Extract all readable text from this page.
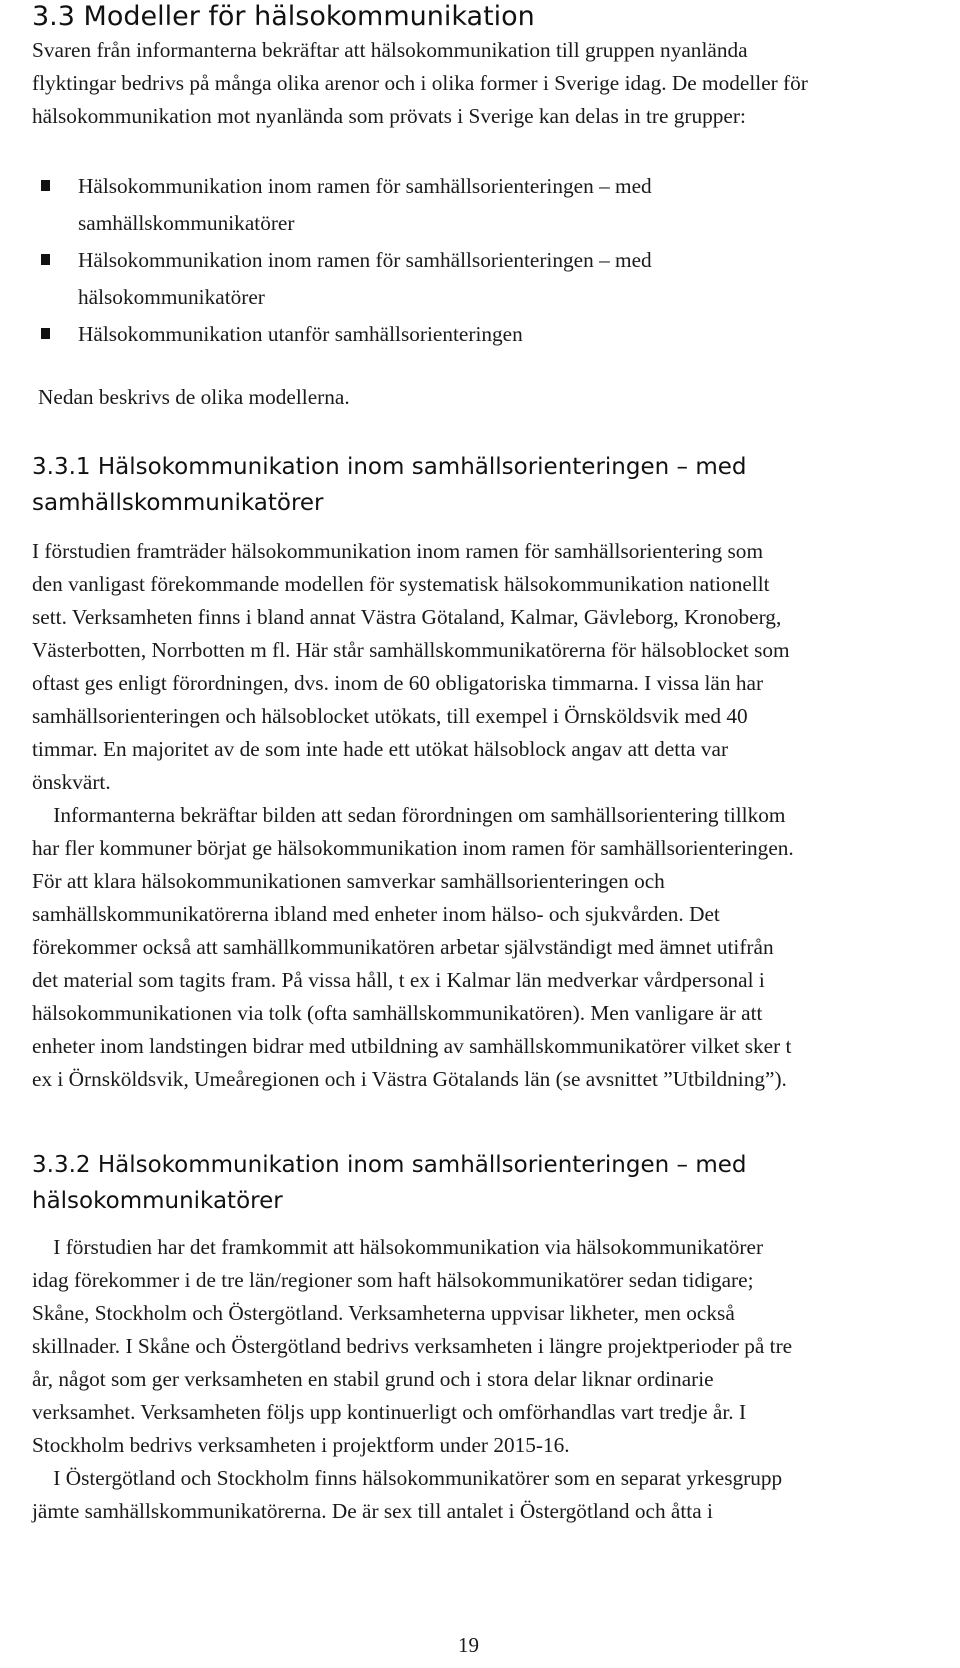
3.3 Modeller för hälsokommunikation
Svaren från informanterna bekräftar att hälsokommunikation till gruppen nyanlända
flyktingar bedrivs på många olika arenor och i olika former i Sverige idag. De modeller för
hälsokommunikation mot nyanlända som prövats i Sverige kan delas in tre grupper:
Hälsokommunikation inom ramen för samhällsorienteringen – med
samhällskommunikatörer
Hälsokommunikation inom ramen för samhällsorienteringen – med
hälsokommunikatörer
Hälsokommunikation utanför samhällsorienteringen
Nedan beskrivs de olika modellerna.
3.3.1 Hälsokommunikation inom samhällsorienteringen – med
samhällskommunikatörer
I förstudien framträder hälsokommunikation inom ramen för samhällsorientering som
den vanligast förekommande modellen för systematisk hälsokommunikation nationellt
sett. Verksamheten finns i bland annat Västra Götaland, Kalmar, Gävleborg, Kronoberg,
Västerbotten, Norrbotten m fl. Här står samhällskommunikatörerna för hälsoblocket som
oftast ges enligt förordningen, dvs. inom de 60 obligatoriska timmarna. I vissa län har
samhällsorienteringen och hälsoblocket utökats, till exempel i Örnsköldsvik med 40
timmar. En majoritet av de som inte hade ett utökat hälsoblock angav att detta var
önskvärt.
Informanterna bekräftar bilden att sedan förordningen om samhällsorientering tillkom
har fler kommuner börjat ge hälsokommunikation inom ramen för samhällsorienteringen.
För att klara hälsokommunikationen samverkar samhällsorienteringen och
samhällskommunikatörerna ibland med enheter inom hälso- och sjukvården. Det
förekommer också att samhällkommunikatören arbetar självständigt med ämnet utifrån
det material som tagits fram. På vissa håll, t ex i Kalmar län medverkar vårdpersonal i
hälsokommunikationen via tolk (ofta samhällskommunikatören). Men vanligare är att
enheter inom landstingen bidrar med utbildning av samhällskommunikatörer vilket sker t
ex i Örnsköldsvik, Umeåregionen och i Västra Götalands län (se avsnittet ”Utbildning”).
3.3.2 Hälsokommunikation inom samhällsorienteringen – med
hälsokommunikatörer
I förstudien har det framkommit att hälsokommunikation via hälsokommunikatörer
idag förekommer i de tre län/regioner som haft hälsokommunikatörer sedan tidigare;
Skåne, Stockholm och Östergötland. Verksamheterna uppvisar likheter, men också
skillnader. I Skåne och Östergötland bedrivs verksamheten i längre projektperioder på tre
år, något som ger verksamheten en stabil grund och i stora delar liknar ordinarie
verksamhet. Verksamheten följs upp kontinuerligt och omförhandlas vart tredje år. I
Stockholm bedrivs verksamheten i projektform under 2015-16.
I Östergötland och Stockholm finns hälsokommunikatörer som en separat yrkesgrupp
jämte samhällskommunikatörerna. De är sex till antalet i Östergötland och åtta i
19
